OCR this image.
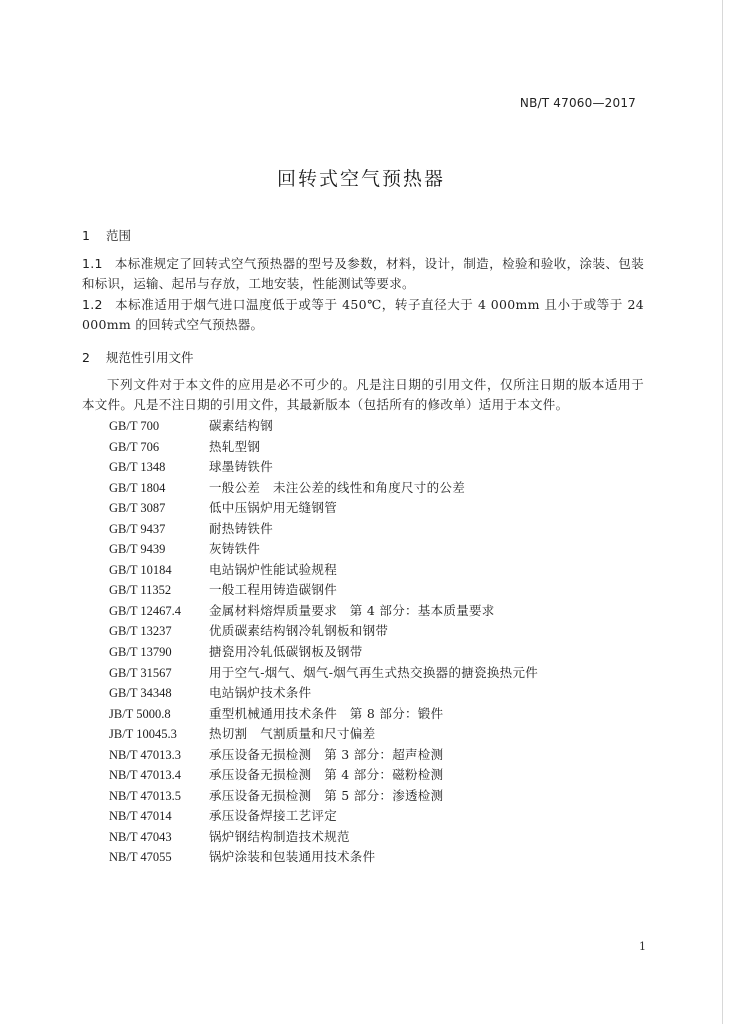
NB/T 47060—2017
回转式空气预热器
1 范围
1.1 本标准规定了回转式空气预热器的型号及参数，材料，设计，制造，检验和验收，涂装、包装和标识，运输、起吊与存放，工地安装，性能测试等要求。
1.2 本标准适用于烟气进口温度低于或等于 450℃，转子直径大于 4 000mm 且小于或等于 24 000mm 的回转式空气预热器。
2 规范性引用文件
下列文件对于本文件的应用是必不可少的。凡是注日期的引用文件，仅所注日期的版本适用于本文件。凡是不注日期的引用文件，其最新版本（包括所有的修改单）适用于本文件。
GB/T 700	碳素结构钢
GB/T 706	热轧型钢
GB/T 1348	球墨铸铁件
GB/T 1804	一般公差　未注公差的线性和角度尺寸的公差
GB/T 3087	低中压锅炉用无缝钢管
GB/T 9437	耐热铸铁件
GB/T 9439	灰铸铁件
GB/T 10184	电站锅炉性能试验规程
GB/T 11352	一般工程用铸造碳钢件
GB/T 12467.4 金属材料熔焊质量要求　第 4 部分：基本质量要求
GB/T 13237	优质碳素结构钢冷轧钢板和钢带
GB/T 13790	搪瓷用冷轧低碳钢板及钢带
GB/T 31567	用于空气-烟气、烟气-烟气再生式热交换器的搪瓷换热元件
GB/T 34348	电站锅炉技术条件
JB/T 5000.8	重型机械通用技术条件　第 8 部分：锻件
JB/T 10045.3	热切割　气割质量和尺寸偏差
NB/T 47013.3 承压设备无损检测　第 3 部分：超声检测
NB/T 47013.4 承压设备无损检测　第 4 部分：磁粉检测
NB/T 47013.5 承压设备无损检测　第 5 部分：渗透检测
NB/T 47014	承压设备焊接工艺评定
NB/T 47043	锅炉钢结构制造技术规范
NB/T 47055	锅炉涂装和包装通用技术条件
1
